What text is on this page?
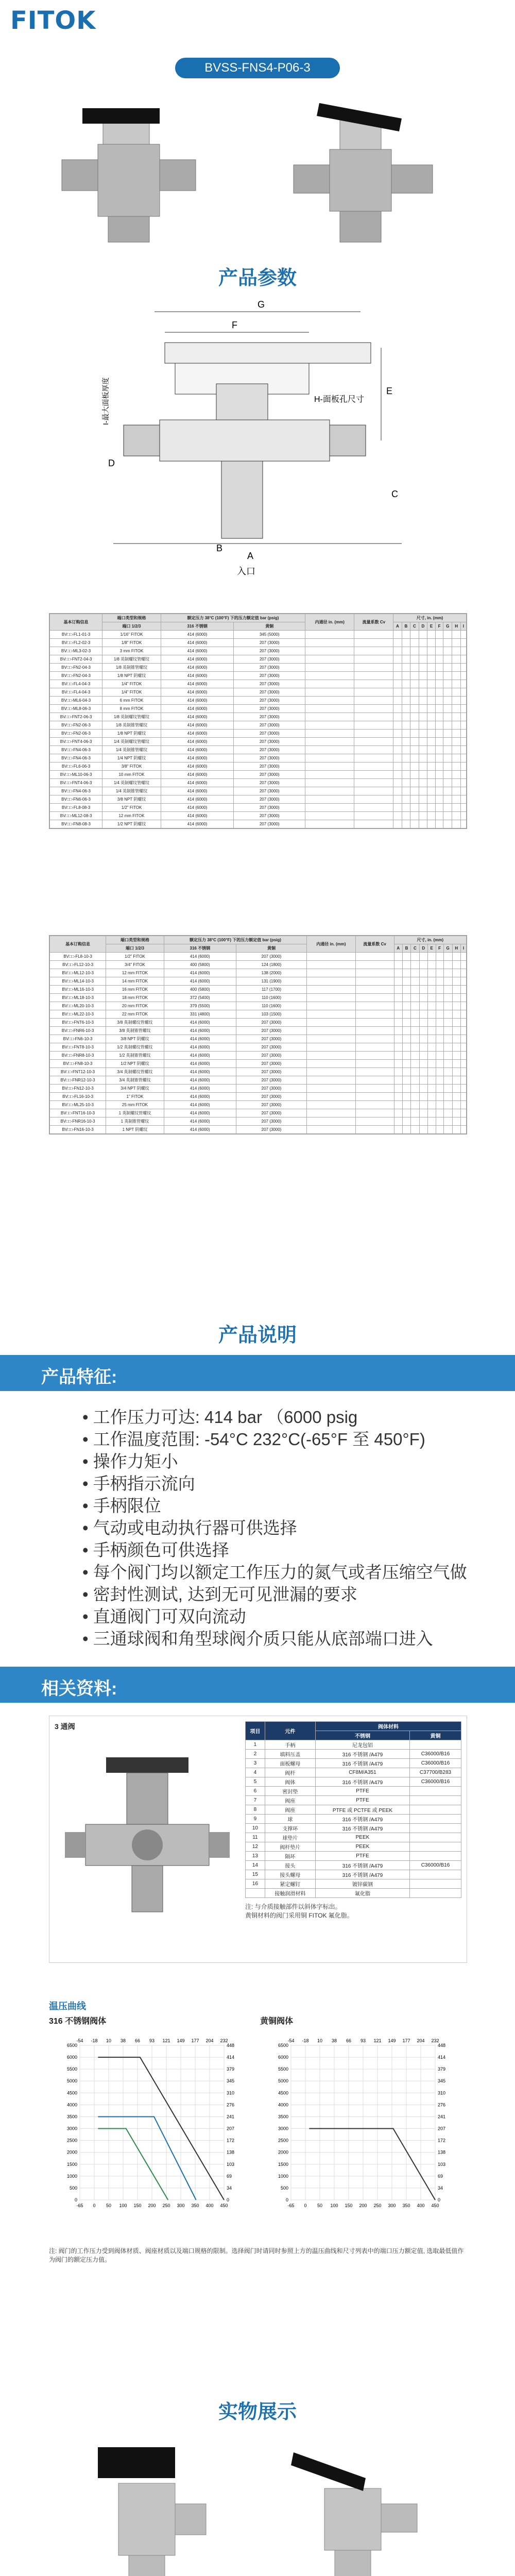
FITOK
BVSS-FNS4-P06-3
产品参数
G
F
E
H-面板孔尺寸
I-最大面板厚度
D
C
A
B
入口
基本订购信息	端口类型和规格	额定压力 38°C (100°F) 下的压力额定值 bar (psig)		内通径 in. (mm)	流量系数 Cv	尺寸, in. (mm)								
	端口 1/2/3	316 不锈钢	黄铜			A	B	C	D	E	F	G	H	I
BV□□-FL1-01-3	1/16" FITOK	414 (6000)	345 (5000)											
BV□□-FL2-02-3	1/8" FITOK	414 (6000)	207 (3000)											
BV□□-ML3-02-3	3 mm FITOK	414 (6000)	207 (3000)											
BV□□-FNT2-04-3	1/8 英制螺纹管螺纹	414 (6000)	207 (3000)											
BV□□-FN2-04-3	1/8 英制锥管螺纹	414 (6000)	207 (3000)											
BV□□-FN2-04-3	1/8 NPT 阴螺纹	414 (6000)	207 (3000)											
BV□□-FL4-04-3	1/4" FITOK	414 (6000)	207 (3000)											
BV□□-FL4-04-3	1/4" FITOK	414 (6000)	207 (3000)											
BV□□-ML6-04-3	6 mm FITOK	414 (6000)	207 (3000)											
BV□□-ML8-06-3	8 mm FITOK	414 (6000)	207 (3000)											
BV□□-FNT2-06-3	1/8 英制螺纹管螺纹	414 (6000)	207 (3000)											
BV□□-FN2-06-3	1/8 英制锥管螺纹	414 (6000)	207 (3000)											
BV□□-FN2-06-3	1/8 NPT 阴螺纹	414 (6000)	207 (3000)											
BV□□-FNT4-06-3	1/4 英制螺纹管螺纹	414 (6000)	207 (3000)											
BV□□-FN4-06-3	1/4 英制锥管螺纹	414 (6000)	207 (3000)											
BV□□-FN4-06-3	1/4 NPT 阴螺纹	414 (6000)	207 (3000)											
BV□□-FL6-06-3	3/8" FITOK	414 (6000)	207 (3000)											
BV□□-ML10-06-3	10 mm FITOK	414 (6000)	207 (3000)											
BV□□-FNT4-06-3	1/4 英制螺纹管螺纹	414 (6000)	207 (3000)											
BV□□-FN4-06-3	1/4 英制锥管螺纹	414 (6000)	207 (3000)											
BV□□-FN6-06-3	3/8 NPT 阴螺纹	414 (6000)	207 (3000)											
BV□□-FL8-08-3	1/2" FITOK	414 (6000)	207 (3000)											
BV□□-ML12-08-3	12 mm FITOK	414 (6000)	207 (3000)											
BV□□-FN8-08-3	1/2 NPT 阴螺纹	414 (6000)	207 (3000)											
基本订购信息	端口类型和规格	额定压力 38°C (100°F) 下的压力额定值 bar (psig)		内通径 in. (mm)	流量系数 Cv	尺寸, in. (mm)								
	端口 1/2/3	316 不锈钢	黄铜			A	B	C	D	E	F	G	H	I
BV□□-FL8-10-3	1/2" FITOK	414 (6000)	207 (3000)											
BV□□-FL12-10-3	3/4" FITOK	400 (5800)	124 (1800)											
BV□□-ML12-10-3	12 mm FITOK	414 (6000)	138 (2000)											
BV□□-ML14-10-3	14 mm FITOK	414 (6000)	131 (1900)											
BV□□-ML16-10-3	16 mm FITOK	400 (5800)	117 (1700)											
BV□□-ML18-10-3	18 mm FITOK	372 (5400)	110 (1600)											
BV□□-ML20-10-3	20 mm FITOK	379 (5500)	110 (1600)											
BV□□-ML22-10-3	22 mm FITOK	331 (4800)	103 (1500)											
BV□□-FNT6-10-3	3/8 英制螺纹管螺纹	414 (6000)	207 (3000)											
BV□□-FNR6-10-3	3/8 英制锥管螺纹	414 (6000)	207 (3000)											
BV□□-FN6-10-3	3/8 NPT 阴螺纹	414 (6000)	207 (3000)											
BV□□-FNT8-10-3	1/2 英制螺纹管螺纹	414 (6000)	207 (3000)											
BV□□-FNR8-10-3	1/2 英制锥管螺纹	414 (6000)	207 (3000)											
BV□□-FN8-10-3	1/2 NPT 阴螺纹	414 (6000)	207 (3000)											
BV□□-FNT12-10-3	3/4 英制螺纹管螺纹	414 (6000)	207 (3000)											
BV□□-FNR12-10-3	3/4 英制锥管螺纹	414 (6000)	207 (3000)											
BV□□-FN12-10-3	3/4 NPT 阴螺纹	414 (6000)	207 (3000)											
BV□□-FL16-10-3	1" FITOK	414 (6000)	207 (3000)											
BV□□-ML25-10-3	25 mm FITOK	414 (6000)	207 (3000)											
BV□□-FNT16-10-3	1 英制螺纹管螺纹	414 (6000)	207 (3000)											
BV□□-FNR16-10-3	1 英制锥管螺纹	414 (6000)	207 (3000)											
BV□□-FN16-10-3	1 NPT 阴螺纹	414 (6000)	207 (3000)											
产品说明
产品特征:
• 工作压力可达: 414 bar （6000 psig
• 工作温度范围: -54°C 232°C(-65°F 至 450°F)
• 操作力矩小
• 手柄指示流向
• 手柄限位
• 气动或电动执行器可供选择
• 手柄颜色可供选择
• 每个阀门均以额定工作压力的氮气或者压缩空气做
• 密封性测试, 达到无可见泄漏的要求
• 直通阀门可双向流动
• 三通球阀和角型球阀介质只能从底部端口进入
相关资料:
3 通阀
项目	元件	阀体材料	
		不锈钢	黄铜
1	手柄	尼龙包铝	
2	填料压盖	316 不锈钢 /A479	C36000/B16
3	面板螺母	316 不锈钢 /A479	C36000/B16
4	阀杆	CF8M/A351	C37700/B283
5	阀体	316 不锈钢 /A479	C36000/B16
6	密封垫	PTFE	
7	阀座	PTFE	
8	阀座	PTFE 或 PCTFE 或 PEEK	
9	球	316 不锈钢 /A479	
10	支撑环	316 不锈钢 /A479	
11	球垫片	PEEK	
12	阀杆垫片	PEEK	
13	隔环	PTFE	
14	接头	316 不锈钢 /A479	C36000/B16
15	接头螺母	316 不锈钢 /A479	
16	紧定螺钉	镀锌碳钢	
	接触润滑材料	氟化脂	
注: 与介质接触部件以斜体字标出。
黄铜材料的阀门采用铜 FITOK 氟化脂。
温压曲线
316 不锈钢阀体	黄铜阀体
0	0
500	34
1000	69
1500	103
2000	138
2500	172
3000	207
3500	241
4000	276
4500	310
5000	345
5500	379
6000	414
6500	448
-65
-54
0
-18
50
10
100
38
150
66
200
93
250
121
300
149
350
177
400
204
450
232
0	0
500	34
1000	69
1500	103
2000	138
2500	172
3000	207
3500	241
4000	276
4500	310
5000	345
5500	379
6000	414
6500	448
-65
-54
0
-18
50
10
100
38
150
66
200
93
250
121
300
149
350
177
400
204
450
232
注: 阀门的工作压力受到阀体材质、阀座材质以及端口规格的限制。选择阀门时请同时参照上方的温压曲线和尺寸列表中的端口压力额定值, 选取最低值作为阀门的额定压力值。
实物展示
